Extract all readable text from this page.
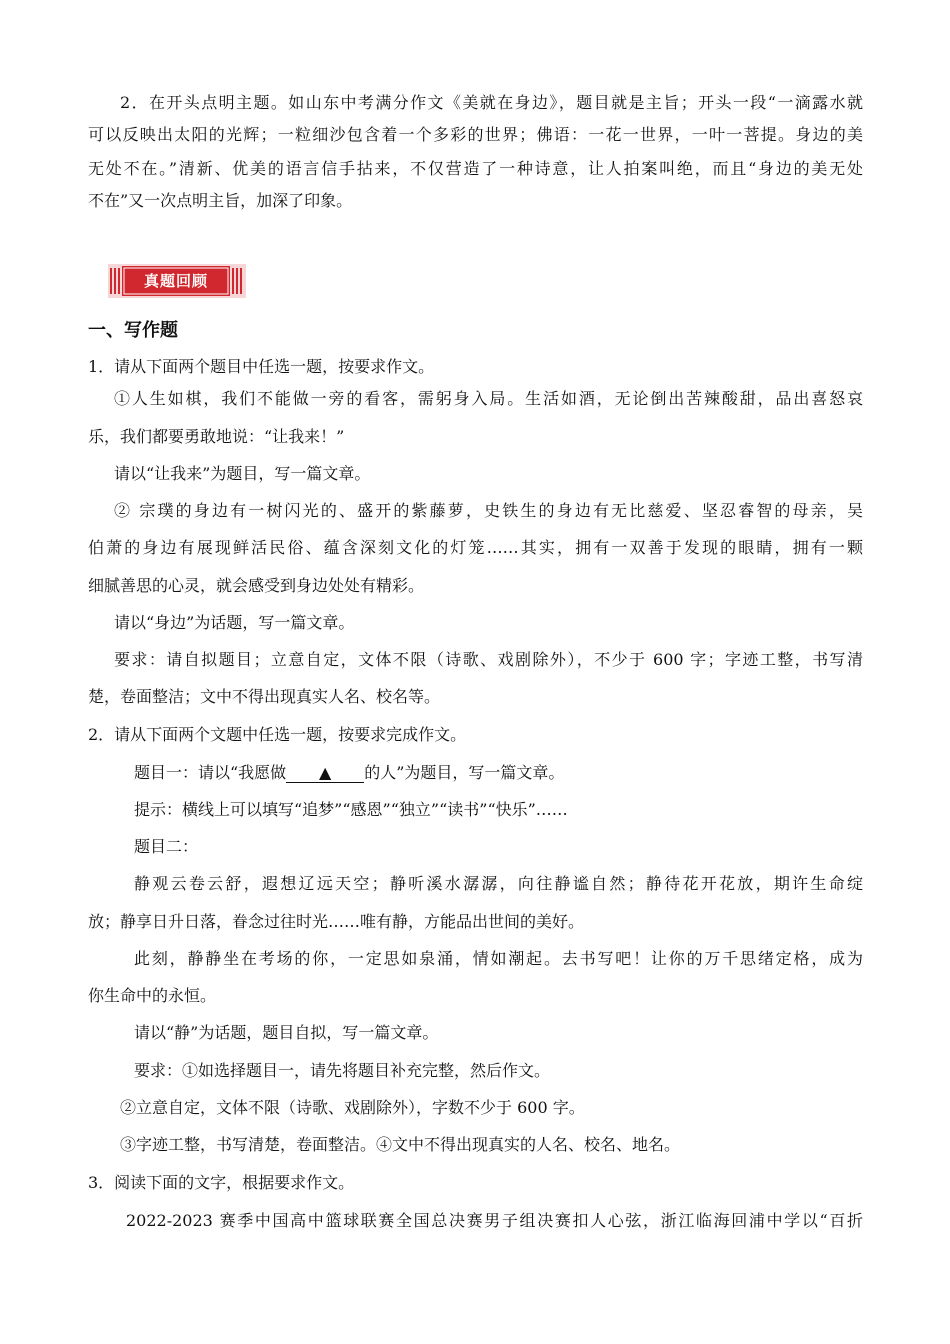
2．在开头点明主题。如山东中考满分作文《美就在身边》，题目就是主旨；开头一段“一滴露水就
可以反映出太阳的光辉；一粒细沙包含着一个多彩的世界；佛语：一花一世界，一叶一菩提。身边的美
无处不在。”清新、优美的语言信手拈来，不仅营造了一种诗意，让人拍案叫绝，而且“身边的美无处
不在”又一次点明主旨，加深了印象。
真题回顾
一、写作题
1．请从下面两个题目中任选一题，按要求作文。
①人生如棋，我们不能做一旁的看客，需躬身入局。生活如酒，无论倒出苦辣酸甜，品出喜怒哀
乐，我们都要勇敢地说：“让我来！”
请以“让我来”为题目，写一篇文章。
② 宗璞的身边有一树闪光的、盛开的紫藤萝，史铁生的身边有无比慈爱、坚忍睿智的母亲，吴
伯萧的身边有展现鲜活民俗、蕴含深刻文化的灯笼……其实，拥有一双善于发现的眼睛，拥有一颗
细腻善思的心灵，就会感受到身边处处有精彩。
请以“身边”为话题，写一篇文章。
要求：请自拟题目；立意自定，文体不限（诗歌、戏剧除外），不少于 600 字；字迹工整，书写清
楚，卷面整洁；文中不得出现真实人名、校名等。
2．请从下面两个文题中任选一题，按要求完成作文。
题目一：请以“我愿做 ▲ 的人”为题目，写一篇文章。
提示：横线上可以填写“追梦”“感恩”“独立”“读书”“快乐”……
题目二：
静观云卷云舒，遐想辽远天空；静听溪水潺潺，向往静谧自然；静待花开花放，期许生命绽
放；静享日升日落，眷念过往时光……唯有静，方能品出世间的美好。
此刻，静静坐在考场的你，一定思如泉涌，情如潮起。去书写吧！让你的万千思绪定格，成为
你生命中的永恒。
请以“静”为话题，题目自拟，写一篇文章。
要求：①如选择题目一，请先将题目补充完整，然后作文。
②立意自定，文体不限（诗歌、戏剧除外），字数不少于 600 字。
③字迹工整，书写清楚，卷面整洁。④文中不得出现真实的人名、校名、地名。
3．阅读下面的文字，根据要求作文。
2022-2023 赛季中国高中篮球联赛全国总决赛男子组决赛扣人心弦，浙江临海回浦中学以“百折
